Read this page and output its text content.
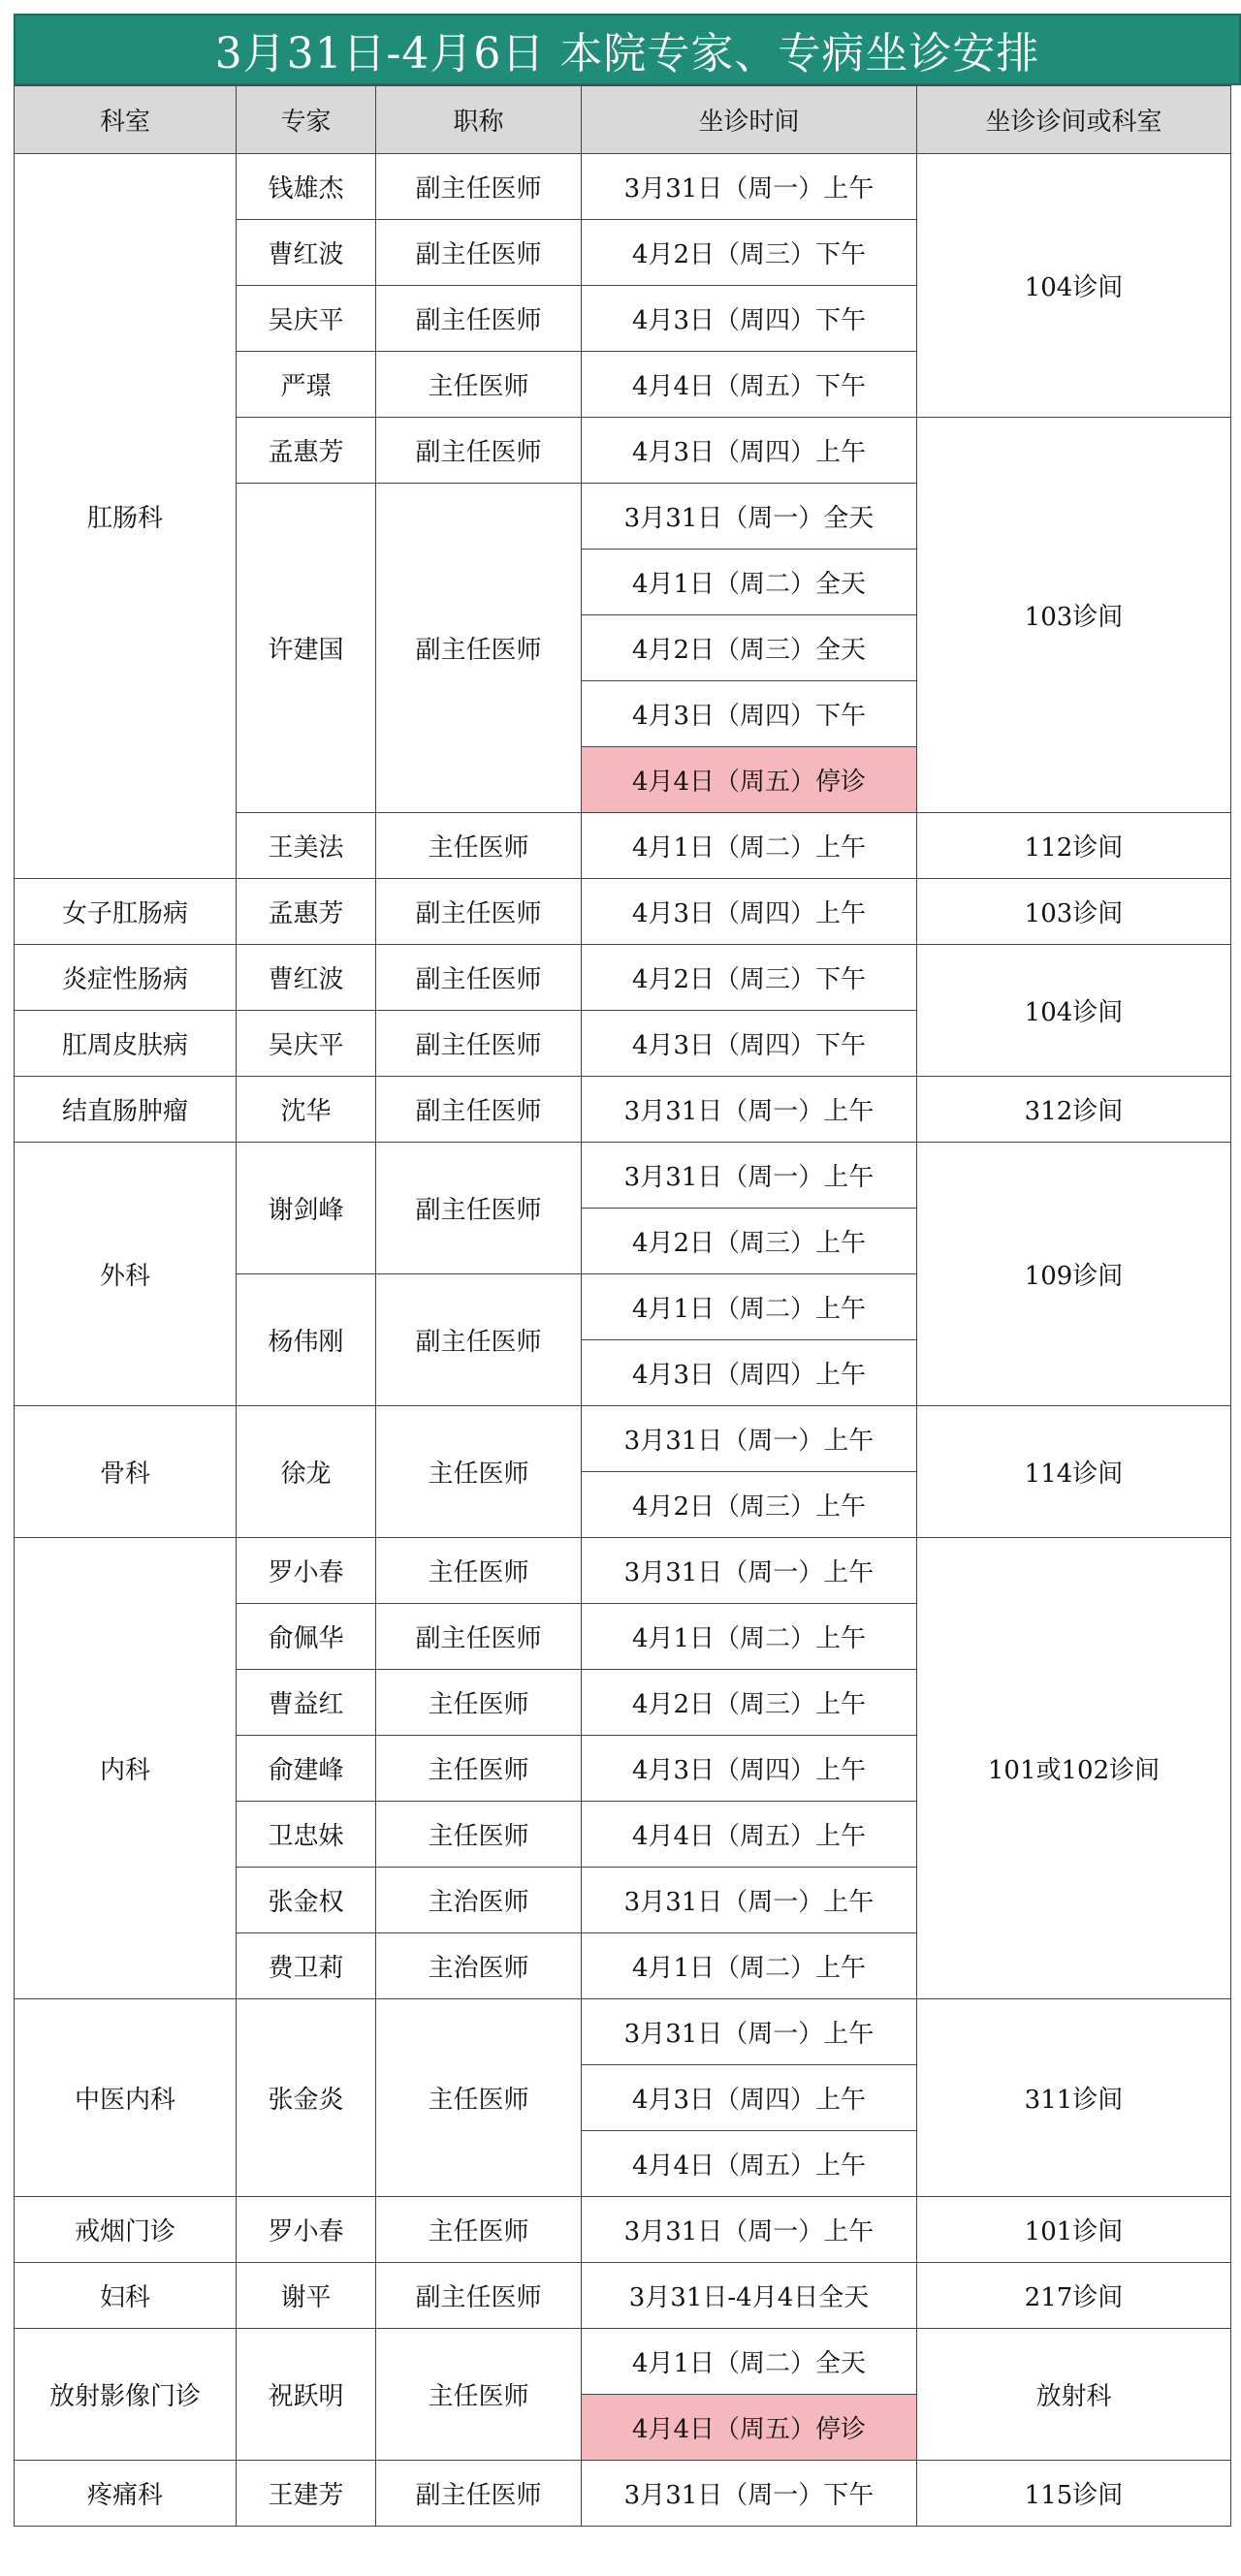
3月31日-4月6日 本院专家、专病坐诊安排
科室	专家	职称	坐诊时间	坐诊诊间或科室
肛肠科	钱雄杰	副主任医师	3月31日（周一）上午	104诊间
	曹红波	副主任医师	4月2日（周三）下午	
	吴庆平	副主任医师	4月3日（周四）下午	
	严璟	主任医师	4月4日（周五）下午	
	孟惠芳	副主任医师	4月3日（周四）上午	103诊间
	许建国	副主任医师	3月31日（周一）全天	
			4月1日（周二）全天	
			4月2日（周三）全天	
			4月3日（周四）下午	
			4月4日（周五）停诊	
	王美法	主任医师	4月1日（周二）上午	112诊间
女子肛肠病	孟惠芳	副主任医师	4月3日（周四）上午	103诊间
炎症性肠病	曹红波	副主任医师	4月2日（周三）下午	104诊间
肛周皮肤病	吴庆平	副主任医师	4月3日（周四）下午	
结直肠肿瘤	沈华	副主任医师	3月31日（周一）上午	312诊间
外科	谢剑峰	副主任医师	3月31日（周一）上午	109诊间
			4月2日（周三）上午	
	杨伟刚	副主任医师	4月1日（周二）上午	
			4月3日（周四）上午	
骨科	徐龙	主任医师	3月31日（周一）上午	114诊间
			4月2日（周三）上午	
内科	罗小春	主任医师	3月31日（周一）上午	101或102诊间
	俞佩华	副主任医师	4月1日（周二）上午	
	曹益红	主任医师	4月2日（周三）上午	
	俞建峰	主任医师	4月3日（周四）上午	
	卫忠妹	主任医师	4月4日（周五）上午	
	张金权	主治医师	3月31日（周一）上午	
	费卫莉	主治医师	4月1日（周二）上午	
中医内科	张金炎	主任医师	3月31日（周一）上午	311诊间
			4月3日（周四）上午	
			4月4日（周五）上午	
戒烟门诊	罗小春	主任医师	3月31日（周一）上午	101诊间
妇科	谢平	副主任医师	3月31日-4月4日全天	217诊间
放射影像门诊	祝跃明	主任医师	4月1日（周二）全天	放射科
			4月4日（周五）停诊	
疼痛科	王建芳	副主任医师	3月31日（周一）下午	115诊间
